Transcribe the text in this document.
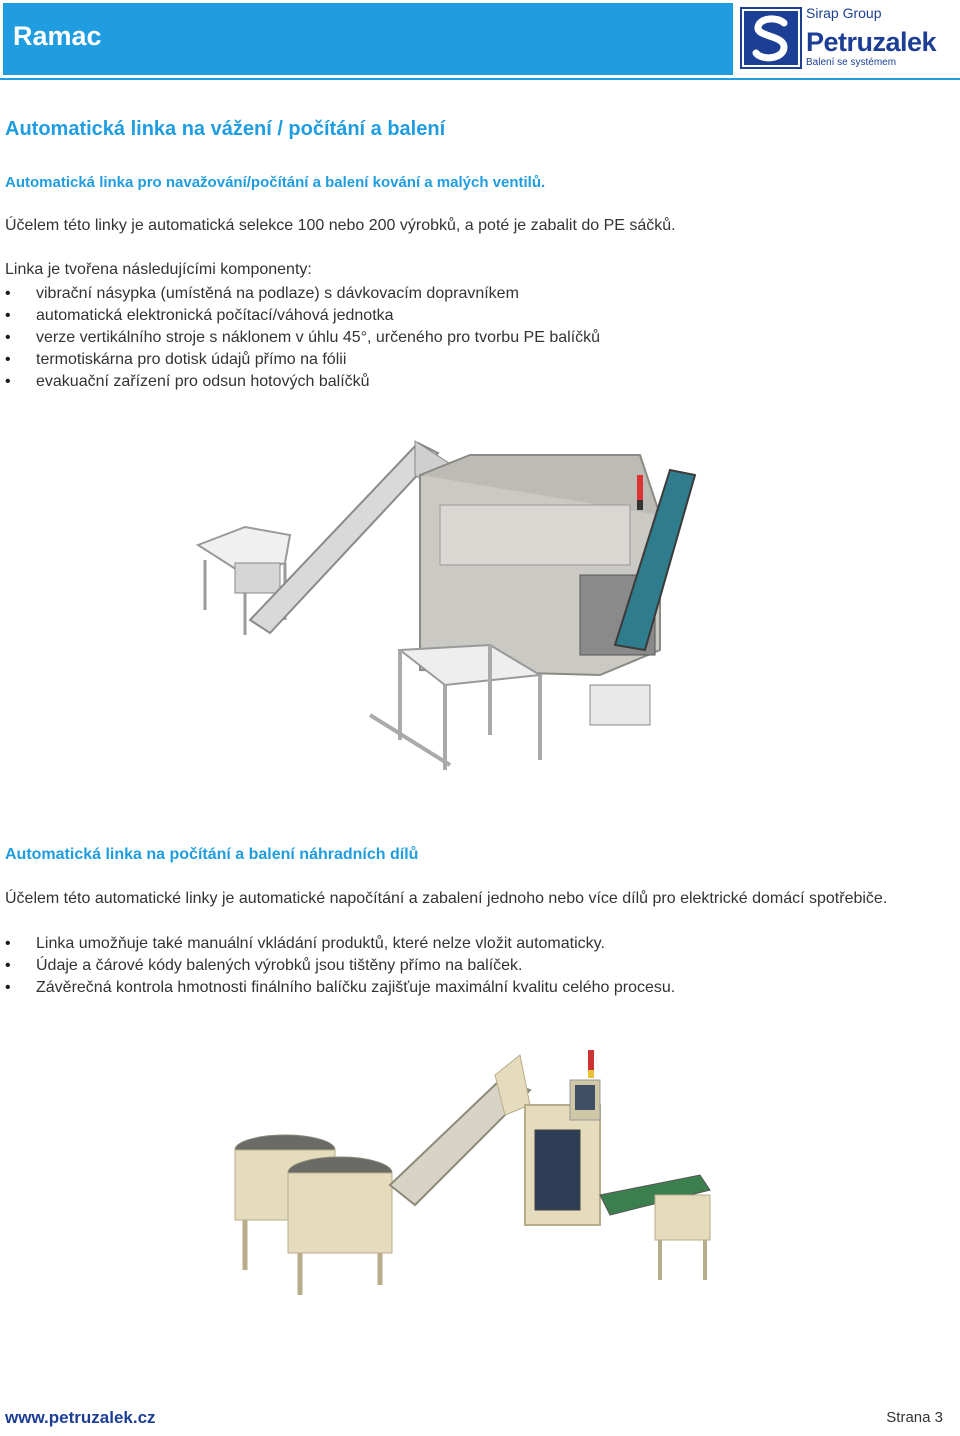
Ramac
Sirap Group
Petruzalek
Balení se systémem
Automatická linka na vážení / počítání a balení

Automatická linka pro navažování/počítání a balení kování a malých ventilů.

Účelem této linky je automatická selekce 100 nebo 200 výrobků, a poté je zabalit do PE sáčků.

Linka je tvořena následujícími komponenty:

• vibrační násypka (umístěná na podlaze) s dávkovacím dopravníkem
• automatická elektronická počítací/váhová jednotka
• verze vertikálního stroje s náklonem v úhlu 45°, určeného pro tvorbu PE balíčků
• termotiskárna pro dotisk údajů přímo na fólii
• evakuační zařízení pro odsun hotových balíčků
Automatická linka na počítání a balení náhradních dílů

Účelem této automatické linky je automatické napočítání a zabalení jednoho nebo více dílů pro elektrické domácí spotřebiče.

• Linka umožňuje také manuální vkládání produktů, které nelze vložit automaticky.
• Údaje a čárové kódy balených výrobků jsou tištěny přímo na balíček.
• Závěrečná kontrola hmotnosti finálního balíčku zajišťuje maximální kvalitu celého procesu.
www.petruzalek.cz	Strana 3
